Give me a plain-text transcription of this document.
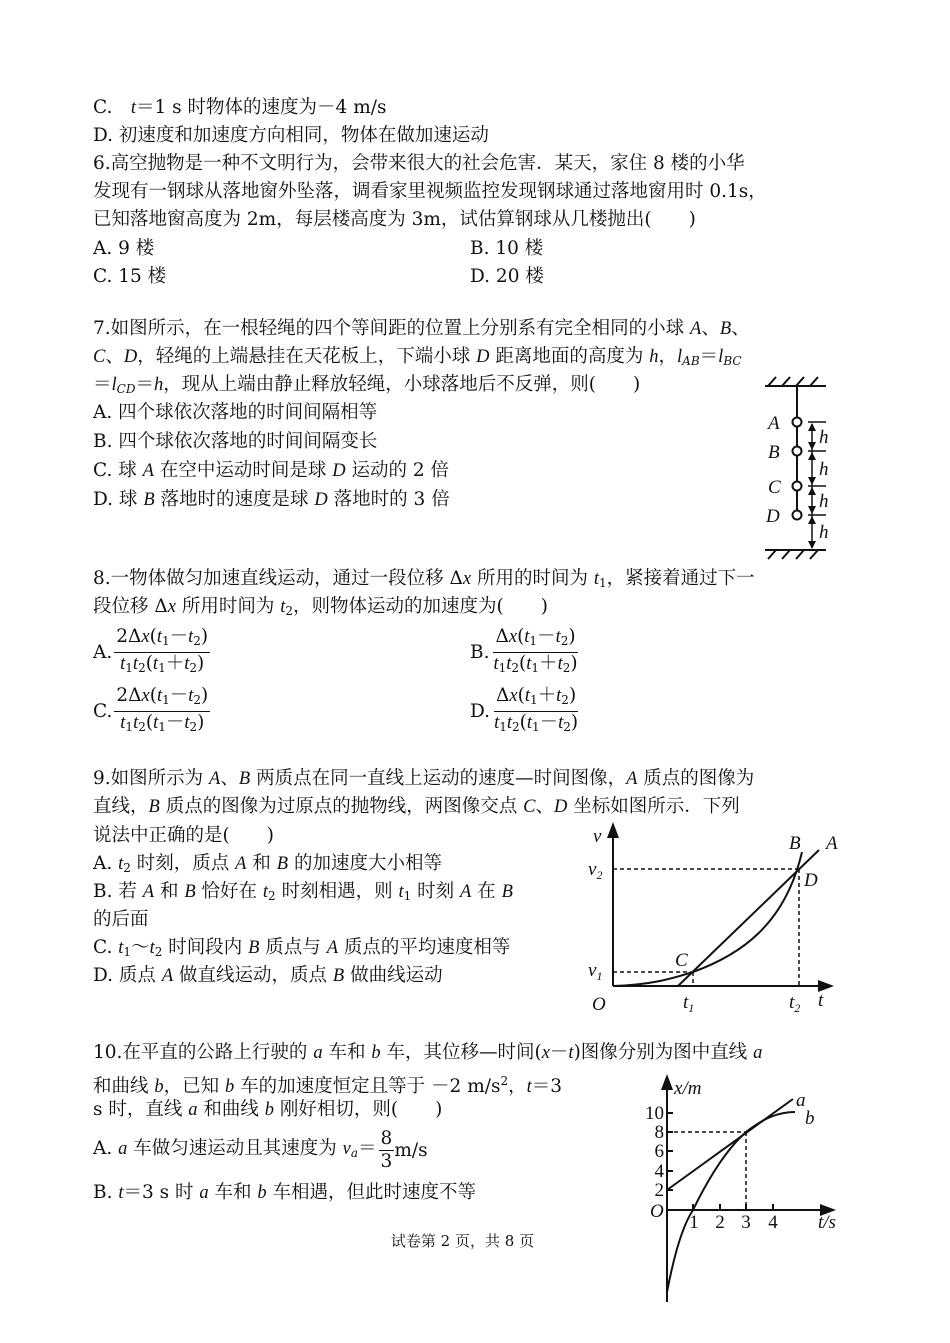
C.　t＝1 s 时物体的速度为－4 m/s
D. 初速度和加速度方向相同，物体在做加速运动
6.高空抛物是一种不文明行为，会带来很大的社会危害．某天，家住 8 楼的小华
发现有一钢球从落地窗外坠落，调看家里视频监控发现钢球通过落地窗用时 0.1s，
已知落地窗高度为 2m，每层楼高度为 3m，试估算钢球从几楼抛出(　　)
A. 9 楼	B. 10 楼
C. 15 楼	D. 20 楼
7.如图所示，在一根轻绳的四个等间距的位置上分别系有完全相同的小球 A、B、
C、D，轻绳的上端悬挂在天花板上，下端小球 D 距离地面的高度为 h，$l_{AB}=l_{BC}$
$=l_{CD}=h$，现从上端由静止释放轻绳，小球落地后不反弹，则(　　)
A. 四个球依次落地的时间间隔相等
B. 四个球依次落地的时间间隔变长
C. 球 A 在空中运动时间是球 D 运动的 2 倍
D. 球 B 落地时的速度是球 D 落地时的 3 倍
A
B
C
D
h
h
h
h
8.一物体做匀加速直线运动，通过一段位移 Δx 所用的时间为 $t_1$，紧接着通过下一
段位移 Δx 所用时间为 $t_2$，则物体运动的加速度为(　　)
A. $\frac{2\Delta x(t_1-t_2)}{t_1t_2(t_1+t_2)}$	B. $\frac{\Delta x(t_1-t_2)}{t_1t_2(t_1+t_2)}$
C. $\frac{2\Delta x(t_1-t_2)}{t_1t_2(t_1-t_2)}$	D. $\frac{\Delta x(t_1+t_2)}{t_1t_2(t_1-t_2)}$
9.如图所示为 A、B 两质点在同一直线上运动的速度—时间图像，A 质点的图像为
直线，B 质点的图像为过原点的抛物线，两图像交点 C、D 坐标如图所示．下列
说法中正确的是(　　)
A. $t_2$ 时刻，质点 A 和 B 的加速度大小相等
B. 若 A 和 B 恰好在 $t_2$ 时刻相遇，则 $t_1$ 时刻 A 在 B
的后面
C. $t_1\sim t_2$ 时间段内 B 质点与 A 质点的平均速度相等
D. 质点 A 做直线运动，质点 B 做曲线运动
v
$v_2$
$v_1$
O	$t_1$	$t_2$ t
B A
D
C
10.在平直的公路上行驶的 a 车和 b 车，其位移—时间(x－t)图像分别为图中直线 a
和曲线 b，已知 b 车的加速度恒定且等于 －2 $m/s^2$，t＝3
s 时，直线 a 和曲线 b 刚好相切，则(　　)
A. a 车做匀速运动且其速度为 $v_a= \frac{8}{3} m/s$
B. t＝3 s 时 a 车和 b 车相遇，但此时速度不等
x/m
10
8
6
4
2
O
1 2 3 4 t/s
a
b
试卷第 2 页，共 8 页
